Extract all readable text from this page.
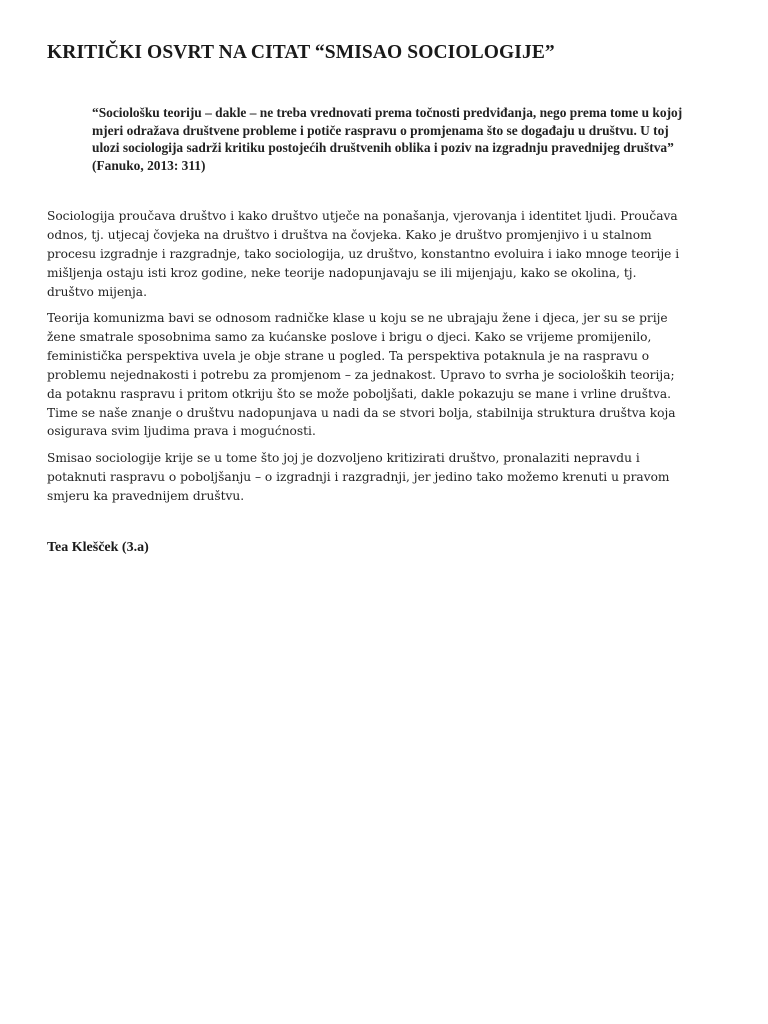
KRITIČKI OSVRT NA CITAT “SMISAO SOCIOLOGIJE”
“Sociološku teoriju – dakle – ne treba vrednovati prema točnosti predviđanja, nego prema tome u kojoj
mjeri odražava društvene probleme i potiče raspravu o promjenama što se događaju u društvu. U toj
ulozi sociologija sadrži kritiku postojećih društvenih oblika i poziv na izgradnju pravednijeg društva”
(Fanuko, 2013: 311)

Sociologija proučava društvo i kako društvo utječe na ponašanja, vjerovanja i identitet ljudi. Proučava
odnos, tj. utjecaj čovjeka na društvo i društva na čovjeka. Kako je društvo promjenjivo i u stalnom
procesu izgradnje i razgradnje, tako sociologija, uz društvo, konstantno evoluira i iako mnoge teorije i
mišljenja ostaju isti kroz godine, neke teorije nadopunjavaju se ili mijenjaju, kako se okolina, tj.
društvo mijenja.

Teorija komunizma bavi se odnosom radničke klase u koju se ne ubrajaju žene i djeca, jer su se prije
žene smatrale sposobnima samo za kućanske poslove i brigu o djeci. Kako se vrijeme promijenilo,
feministička perspektiva uvela je obje strane u pogled. Ta perspektiva potaknula je na raspravu o
problemu nejednakosti i potrebu za promjenom – za jednakost. Upravo to svrha je socioloških teorija;
da potaknu raspravu i pritom otkriju što se može poboljšati, dakle pokazuju se mane i vrline društva.
Time se naše znanje o društvu nadopunjava u nadi da se stvori bolja, stabilnija struktura društva koja
osigurava svim ljudima prava i mogućnosti.

Smisao sociologije krije se u tome što joj je dozvoljeno kritizirati društvo, pronalaziti nepravdu i
potaknuti raspravu o poboljšanju – o izgradnji i razgradnji, jer jedino tako možemo krenuti u pravom
smjeru ka pravednijem društvu.

Tea Klešček (3.a)
